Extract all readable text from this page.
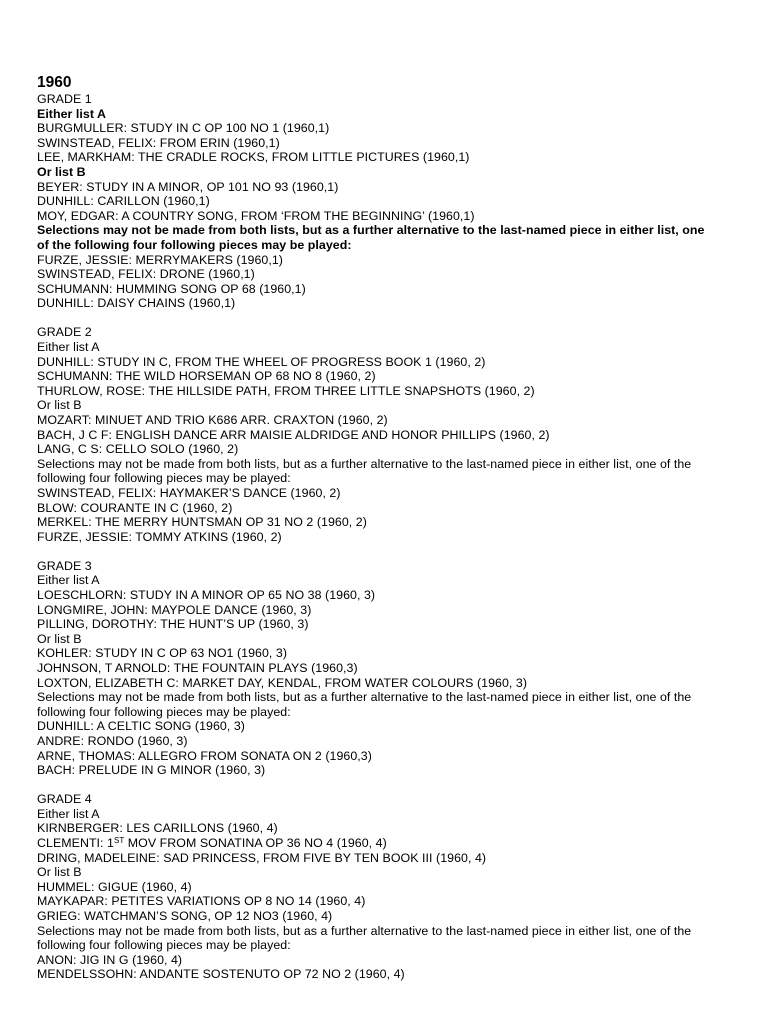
1960
GRADE 1
Either list A
BURGMULLER: STUDY IN C OP 100 NO 1 (1960,1)
SWINSTEAD, FELIX: FROM ERIN (1960,1)
LEE, MARKHAM: THE CRADLE ROCKS, FROM LITTLE PICTURES (1960,1)
Or list B
BEYER: STUDY IN A MINOR, OP 101 NO 93 (1960,1)
DUNHILL: CARILLON (1960,1)
MOY, EDGAR: A COUNTRY SONG, FROM ‘FROM THE BEGINNING’ (1960,1)
Selections may not be made from both lists, but as a further alternative to the last-named piece in either list, one of the following four following pieces may be played:
FURZE, JESSIE: MERRYMAKERS (1960,1)
SWINSTEAD, FELIX: DRONE (1960,1)
SCHUMANN: HUMMING SONG OP 68 (1960,1)
DUNHILL: DAISY CHAINS (1960,1)
GRADE 2
Either list A
DUNHILL: STUDY IN C, FROM THE WHEEL OF PROGRESS BOOK 1 (1960, 2)
SCHUMANN: THE WILD HORSEMAN OP 68 NO 8 (1960, 2)
THURLOW, ROSE: THE HILLSIDE PATH, FROM THREE LITTLE SNAPSHOTS (1960, 2)
Or list B
MOZART: MINUET AND TRIO K686 ARR. CRAXTON (1960, 2)
BACH, J C F: ENGLISH DANCE ARR MAISIE ALDRIDGE AND HONOR PHILLIPS (1960, 2)
LANG, C S: CELLO SOLO (1960, 2)
Selections may not be made from both lists, but as a further alternative to the last-named piece in either list, one of the following four following pieces may be played:
SWINSTEAD, FELIX: HAYMAKER’S DANCE (1960, 2)
BLOW: COURANTE IN C (1960, 2)
MERKEL: THE MERRY HUNTSMAN OP 31 NO 2 (1960, 2)
FURZE, JESSIE: TOMMY ATKINS (1960, 2)
GRADE 3
Either list A
LOESCHLORN: STUDY IN A MINOR OP 65 NO 38 (1960, 3)
LONGMIRE, JOHN: MAYPOLE DANCE (1960, 3)
PILLING, DOROTHY: THE HUNT’S UP (1960, 3)
Or list B
KOHLER: STUDY IN C OP 63 NO1 (1960, 3)
JOHNSON, T ARNOLD: THE FOUNTAIN PLAYS (1960,3)
LOXTON, ELIZABETH C: MARKET DAY, KENDAL, FROM WATER COLOURS (1960, 3)
Selections may not be made from both lists, but as a further alternative to the last-named piece in either list, one of the following four following pieces may be played:
DUNHILL: A CELTIC SONG (1960, 3)
ANDRE: RONDO (1960, 3)
ARNE, THOMAS: ALLEGRO FROM SONATA ON 2 (1960,3)
BACH: PRELUDE IN G MINOR (1960, 3)
GRADE 4
Either list A
KIRNBERGER: LES CARILLONS (1960, 4)
CLEMENTI: 1ST MOV FROM SONATINA OP 36 NO 4 (1960, 4)
DRING, MADELEINE: SAD PRINCESS, FROM FIVE BY TEN BOOK III (1960, 4)
Or list B
HUMMEL: GIGUE (1960, 4)
MAYKAPAR: PETITES VARIATIONS OP 8 NO 14 (1960, 4)
GRIEG: WATCHMAN’S SONG, OP 12 NO3 (1960, 4)
Selections may not be made from both lists, but as a further alternative to the last-named piece in either list, one of the following four following pieces may be played:
ANON: JIG IN G (1960, 4)
MENDELSSOHN: ANDANTE SOSTENUTO OP 72 NO 2 (1960, 4)
